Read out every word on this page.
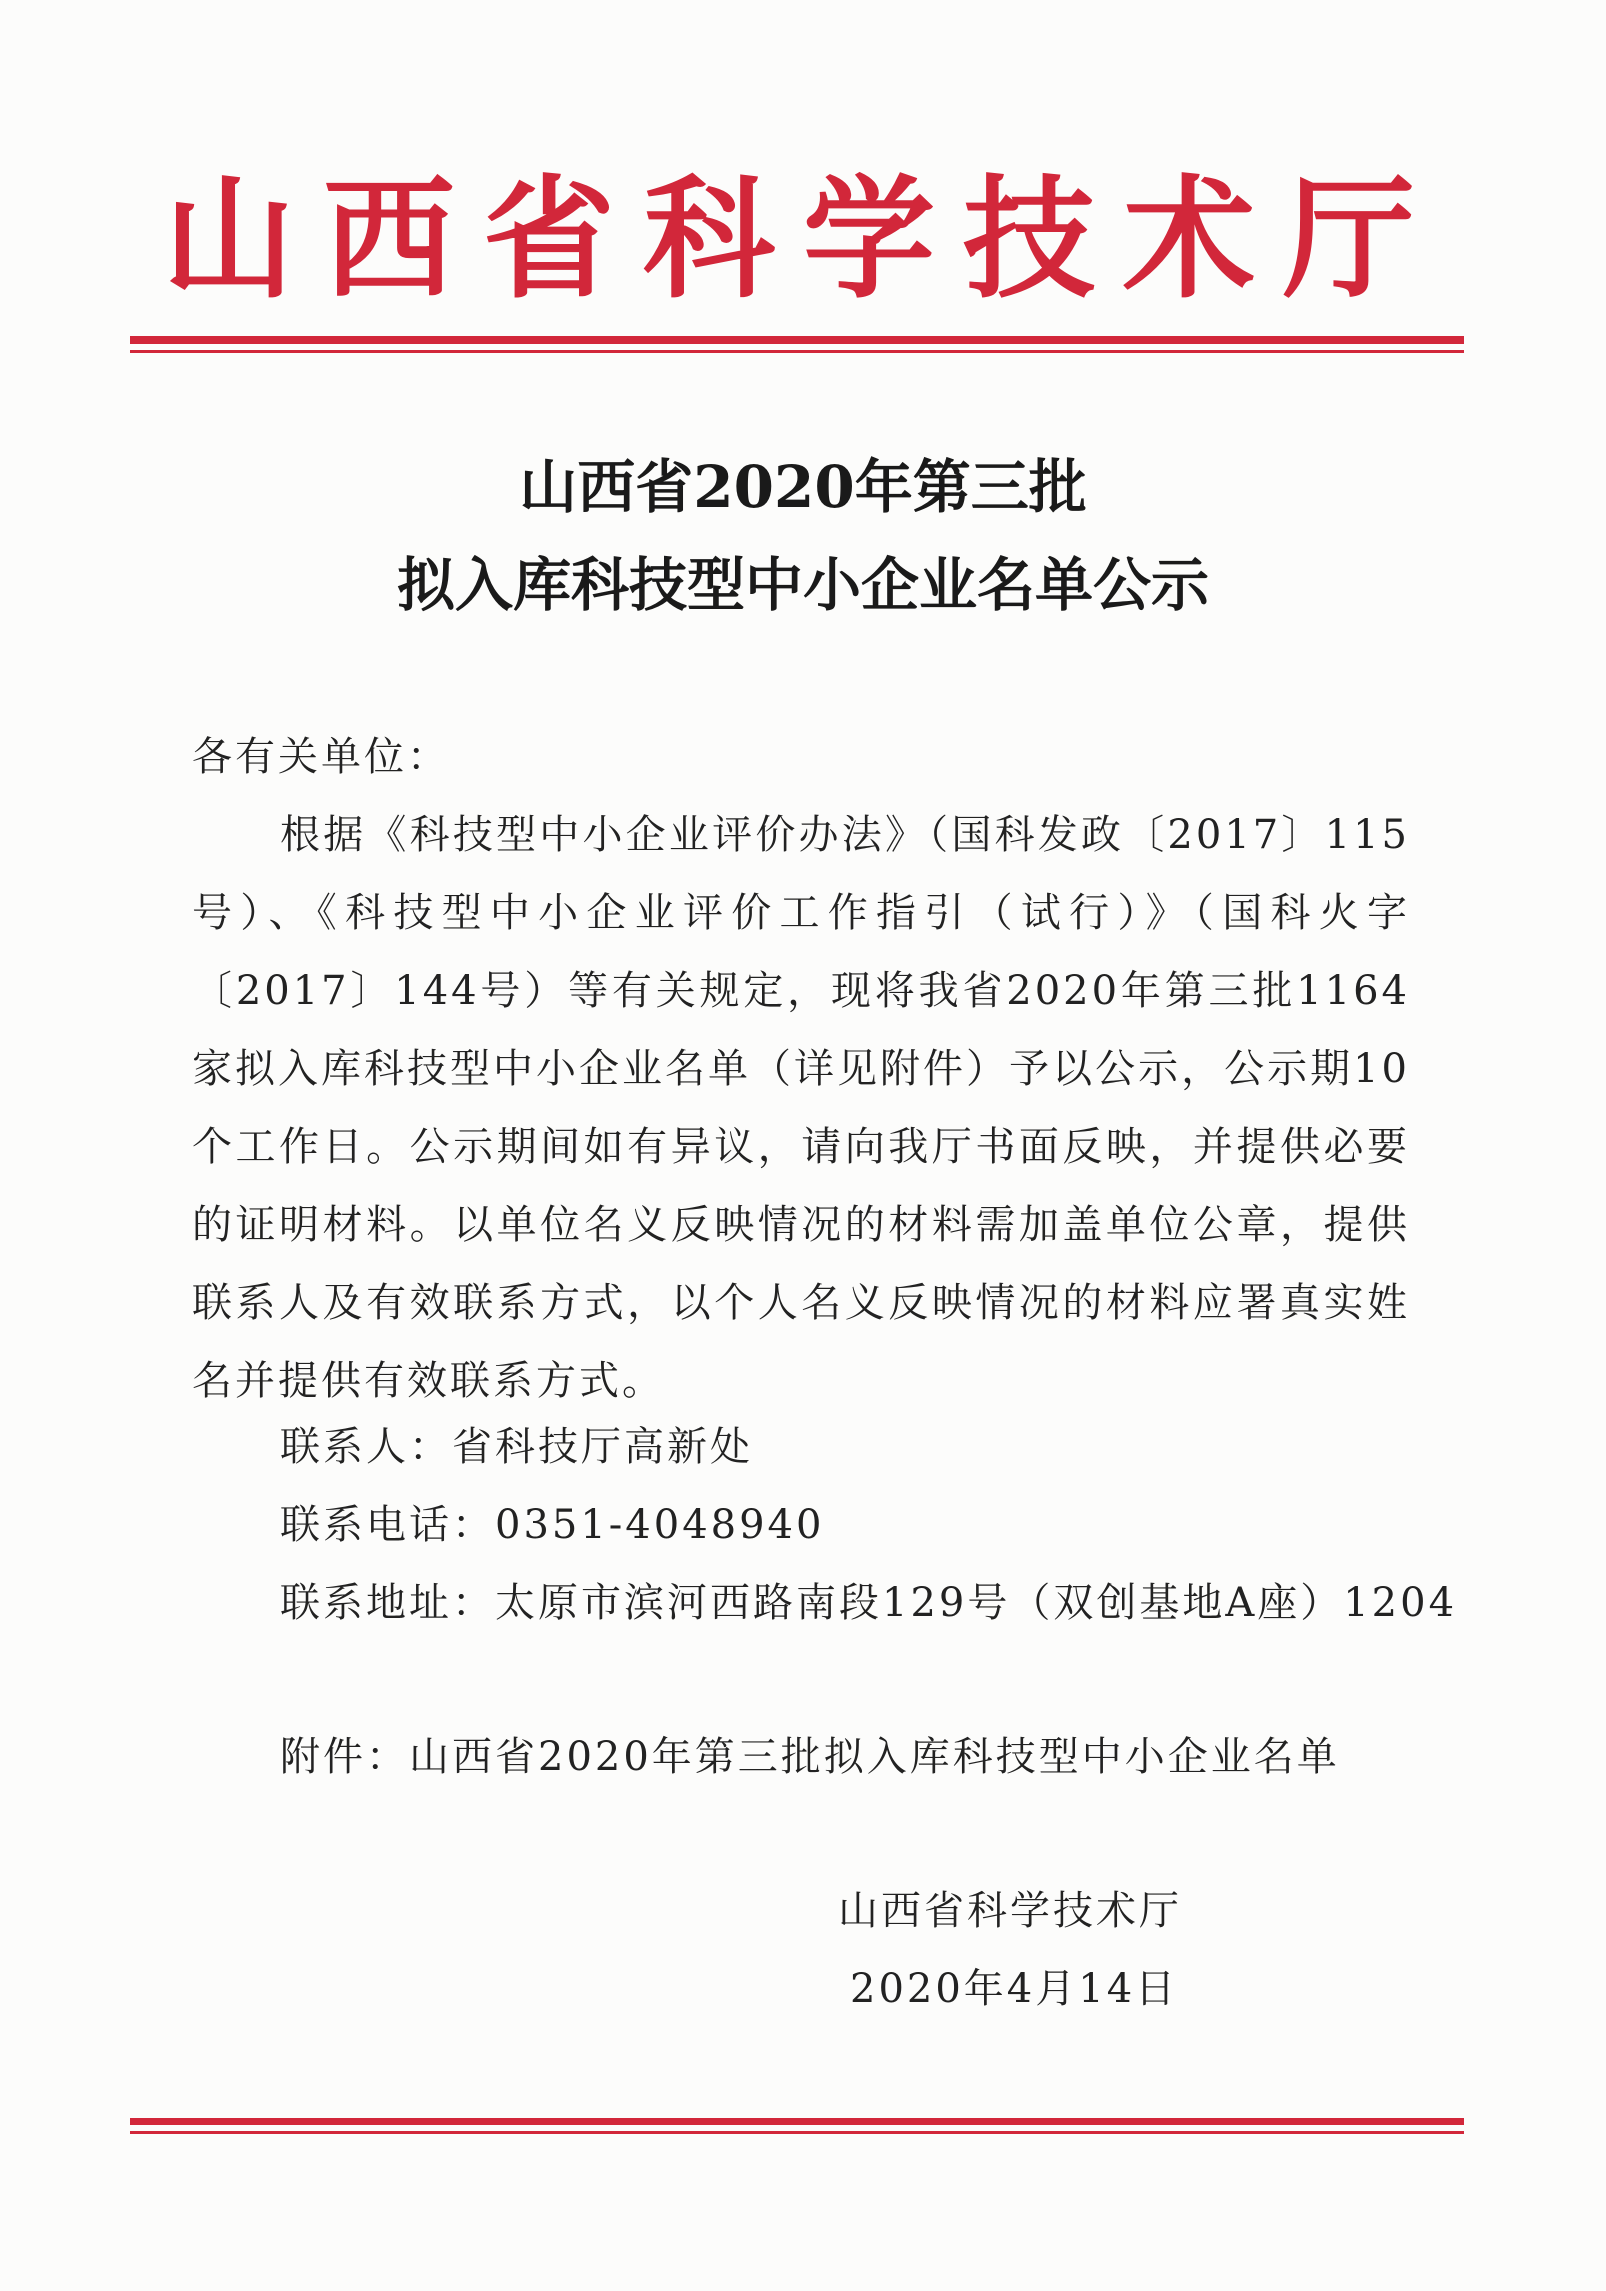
山西省科学技术厅
山西省2020年第三批
拟入库科技型中小企业名单公示
各有关单位：

根据《科技型中小企业评价办法》（国科发政〔2017〕115号）、《科技型中小企业评价工作指引（试行）》（国科火字〔2017〕144号）等有关规定，现将我省2020年第三批1164家拟入库科技型中小企业名单（详见附件）予以公示，公示期10个工作日。公示期间如有异议，请向我厅书面反映，并提供必要的证明材料。以单位名义反映情况的材料需加盖单位公章，提供联系人及有效联系方式，以个人名义反映情况的材料应署真实姓名并提供有效联系方式。

联系人：省科技厅高新处
联系电话：0351-4048940
联系地址：太原市滨河西路南段129号（双创基地A座）1204
附件：山西省2020年第三批拟入库科技型中小企业名单
山西省科学技术厅
2020年4月14日
